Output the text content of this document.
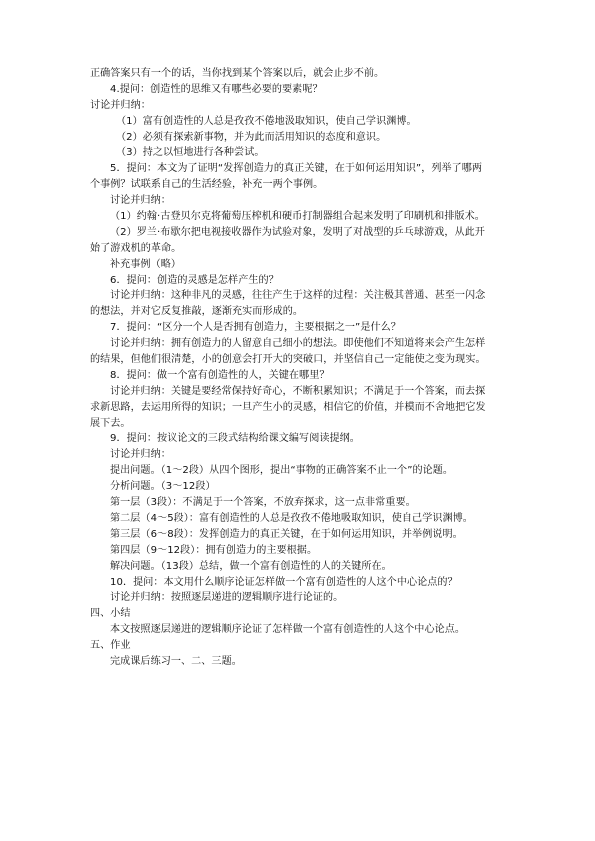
正确答案只有一个的话，当你找到某个答案以后，就会止步不前。
4.提问：创造性的思维又有哪些必要的要素呢？
讨论并归纳：
（1）富有创造性的人总是孜孜不倦地汲取知识，使自己学识渊博。
（2）必须有探索新事物，并为此而活用知识的态度和意识。
（3）持之以恒地进行各种尝试。
5．提问：本文为了证明“发挥创造力的真正关键，在于如何运用知识”，列举了哪两
个事例？试联系自己的生活经验，补充一两个事例。
讨论并归纳：
（1）约翰·古登贝尔克将葡萄压榨机和硬币打制器组合起来发明了印刷机和排版术。
（2）罗兰·布歇尔把电视接收器作为试验对象，发明了对战型的乒乓球游戏，从此开
始了游戏机的革命。
补充事例（略）
6．提问：创造的灵感是怎样产生的？
讨论并归纳：这种非凡的灵感，往往产生于这样的过程：关注极其普通、甚至一闪念
的想法，并对它反复推敲，逐渐充实而形成的。
7．提问：“区分一个人是否拥有创造力，主要根据之一”是什么？
讨论并归纳：拥有创造力的人留意自己细小的想法。即使他们不知道将来会产生怎样
的结果，但他们很清楚，小的创意会打开大的突破口，并坚信自己一定能使之变为现实。
8．提问：做一个富有创造性的人，关键在哪里？
讨论并归纳：关键是要经常保持好奇心，不断积累知识；不满足于一个答案，而去探
求新思路，去运用所得的知识；一旦产生小的灵感，相信它的价值，并模而不舍地把它发
展下去。
9．提问：按议论文的三段式结构给课文编写阅读提纲。
讨论并归纳：
提出问题。（1～2段）从四个图形，提出“事物的正确答案不止一个”的论题。
分析问题。（3～12段）
第一层（3段）：不满足于一个答案，不放弃探求，这一点非常重要。
第二层（4～5段）：富有创造性的人总是孜孜不倦地吸取知识，使自己学识渊博。
第三层（6～8段）：发挥创造力的真正关键，在于如何运用知识，并举例说明。
第四层（9～12段）：拥有创造力的主要根据。
解决问题。（13段）总结，做一个富有创造性的人的关键所在。
10．提问：本文用什么顺序论证怎样做一个富有创造性的人这个中心论点的？
讨论并归纳：按照逐层递进的逻辑顺序进行论证的。
四、小结
本文按照逐层递进的逻辑顺序论证了怎样做一个富有创造性的人这个中心论点。
五、作业
完成课后练习一、二、三题。
